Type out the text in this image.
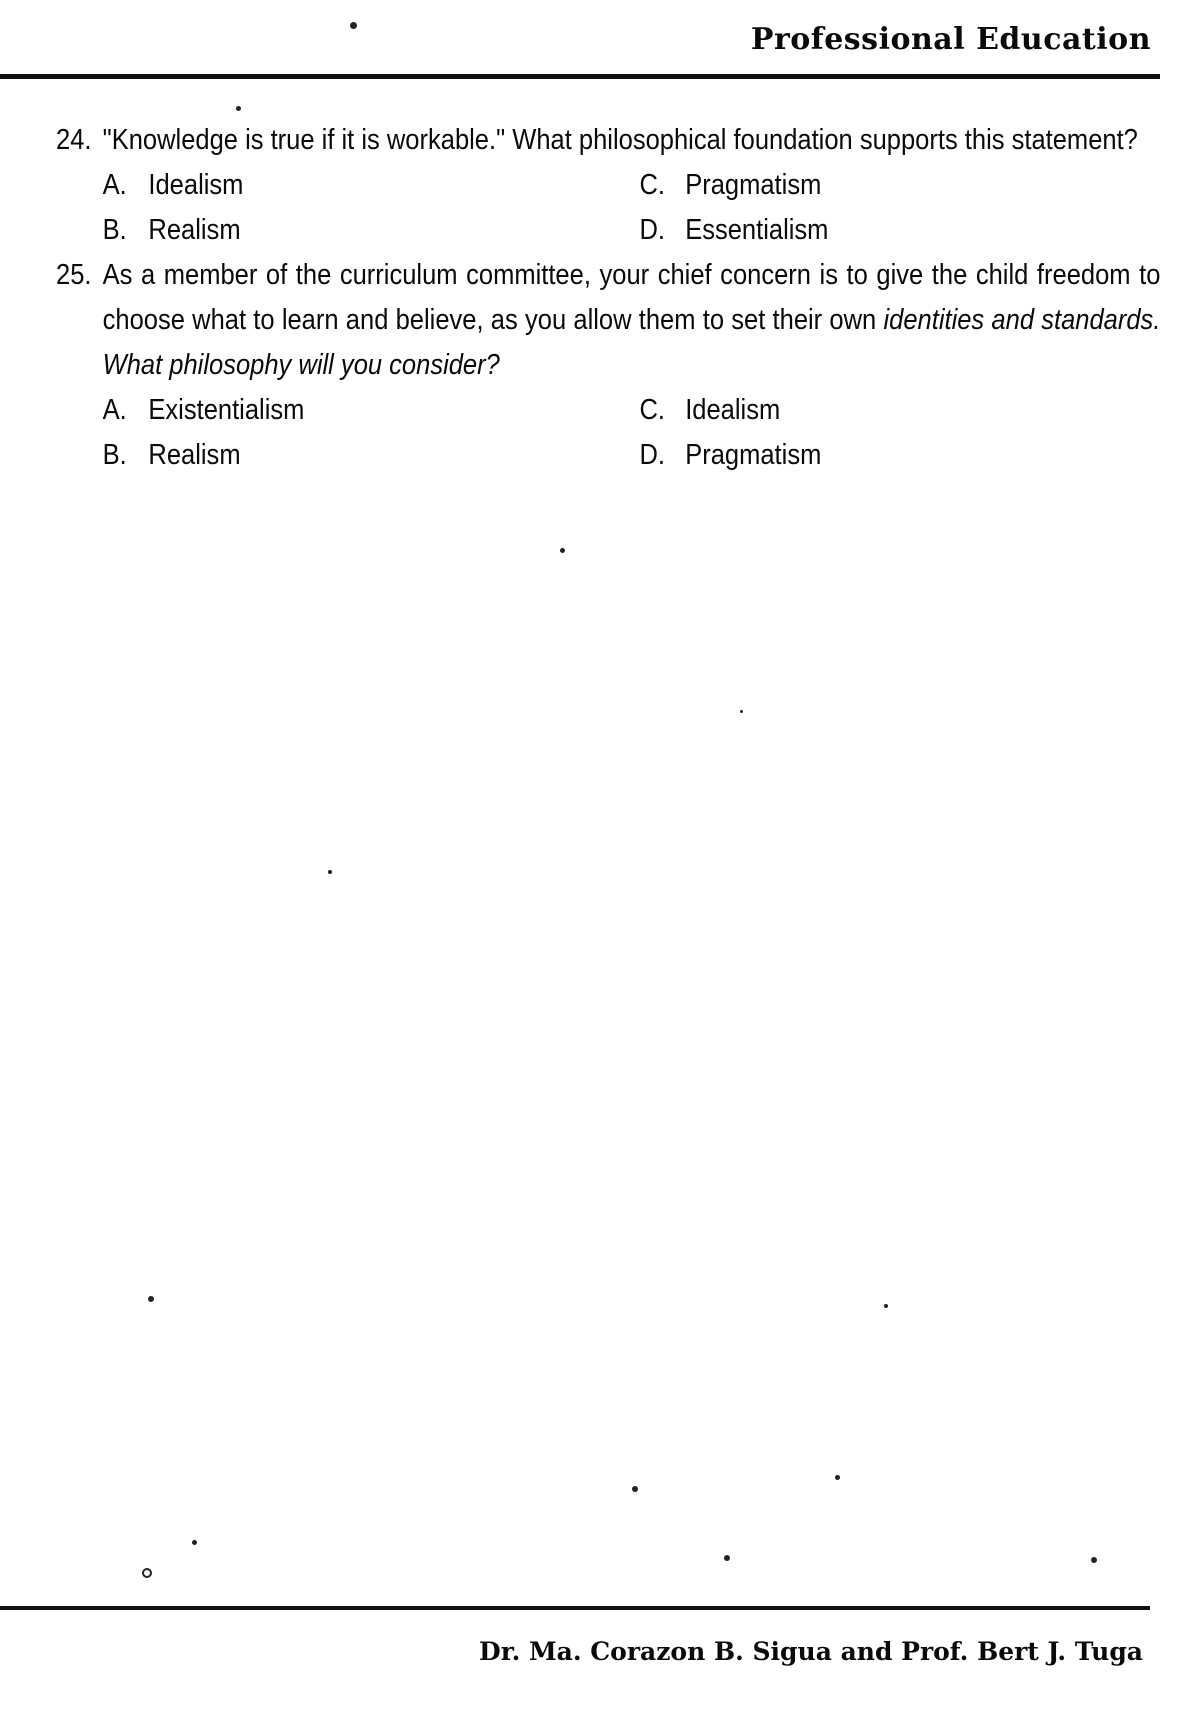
Professional Education
24. "Knowledge is true if it is workable." What philosophical foundation supports this statement?
A. Idealism	C. Pragmatism
B. Realism	D. Essentialism
25. As a member of the curriculum committee, your chief concern is to give the child freedom to choose what to learn and believe, as you allow them to set their own identities and standards. What philosophy will you consider?
A. Existentialism	C. Idealism
B. Realism	D. Pragmatism
Dr. Ma. Corazon B. Sigua and Prof. Bert J. Tuga
